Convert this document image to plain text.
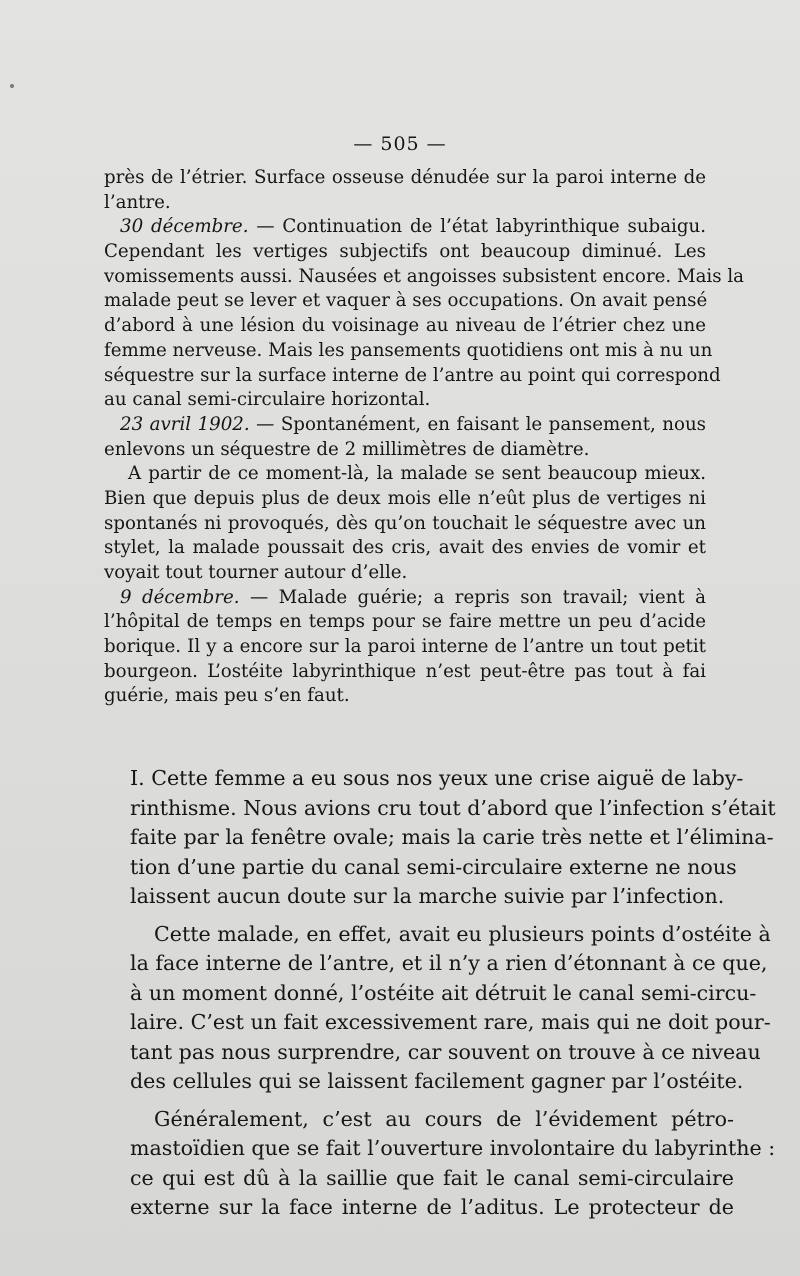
— 505 —
près de l’étrier. Surface osseuse dénudée sur la paroi interne de
l’antre.
30 décembre. — Continuation de l’état labyrinthique subaigu.
Cependant les vertiges subjectifs ont beaucoup diminué. Les
vomissements aussi. Nausées et angoisses subsistent encore. Mais la
malade peut se lever et vaquer à ses occupations. On avait pensé
d’abord à une lésion du voisinage au niveau de l’étrier chez une
femme nerveuse. Mais les pansements quotidiens ont mis à nu un
séquestre sur la surface interne de l’antre au point qui correspond
au canal semi-circulaire horizontal.
23 avril 1902. — Spontanément, en faisant le pansement, nous
enlevons un séquestre de 2 millimètres de diamètre.
A partir de ce moment-là, la malade se sent beaucoup mieux.
Bien que depuis plus de deux mois elle n’eût plus de vertiges ni
spontanés ni provoqués, dès qu’on touchait le séquestre avec un
stylet, la malade poussait des cris, avait des envies de vomir et
voyait tout tourner autour d’elle.
9 décembre. — Malade guérie; a repris son travail; vient à
l’hôpital de temps en temps pour se faire mettre un peu d’acide
borique. Il y a encore sur la paroi interne de l’antre un tout petit
bourgeon. L’ostéite labyrinthique n’est peut-être pas tout à fai
guérie, mais peu s’en faut.
I. Cette femme a eu sous nos yeux une crise aiguë de laby-
rinthisme. Nous avions cru tout d’abord que l’infection s’était
faite par la fenêtre ovale; mais la carie très nette et l’élimina-
tion d’une partie du canal semi-circulaire externe ne nous
laissent aucun doute sur la marche suivie par l’infection.
Cette malade, en effet, avait eu plusieurs points d’ostéite à
la face interne de l’antre, et il n’y a rien d’étonnant à ce que,
à un moment donné, l’ostéite ait détruit le canal semi-circu-
laire. C’est un fait excessivement rare, mais qui ne doit pour-
tant pas nous surprendre, car souvent on trouve à ce niveau
des cellules qui se laissent facilement gagner par l’ostéite.
Généralement, c’est au cours de l’évidement pétro-
mastoïdien que se fait l’ouverture involontaire du labyrinthe :
ce qui est dû à la saillie que fait le canal semi-circulaire
externe sur la face interne de l’aditus. Le protecteur de
